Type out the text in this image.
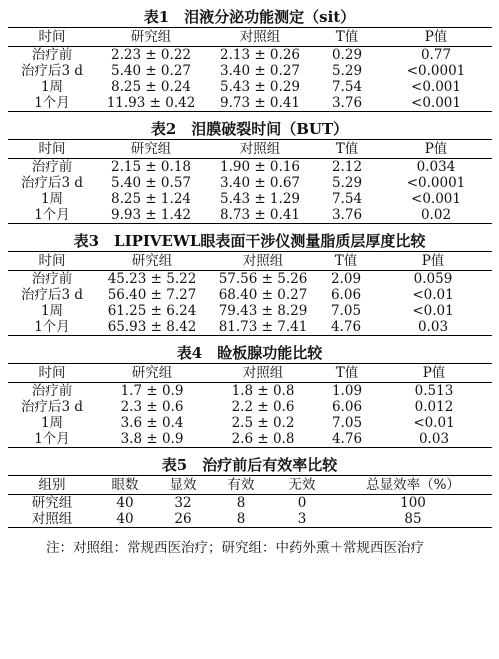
表1　泪液分泌功能测定（sit）
时间	研究组	对照组	T值	P值
治疗前	2.23 ± 0.22	2.13 ± 0.26	0.29	0.77
治疗后3 d	5.40 ± 0.27	3.40 ± 0.27	5.29	<0.0001
1周	8.25 ± 0.24	5.43 ± 0.29	7.54	<0.001
1个月	11.93 ± 0.42	9.73 ± 0.41	3.76	<0.001
表2　泪膜破裂时间（BUT）
时间	研究组	对照组	T值	P值
治疗前	2.15 ± 0.18	1.90 ± 0.16	2.12	0.034
治疗后3 d	5.40 ± 0.57	3.40 ± 0.67	5.29	<0.0001
1周	8.25 ± 1.24	5.43 ± 1.29	7.54	<0.001
1个月	9.93 ± 1.42	8.73 ± 0.41	3.76	0.02
表3　LIPIVEWL眼表面干涉仪测量脂质层厚度比较
时间	研究组	对照组	T值	P值
治疗前	45.23 ± 5.22	57.56 ± 5.26	2.09	0.059
治疗后3 d	56.40 ± 7.27	68.40 ± 0.27	6.06	<0.01
1周	61.25 ± 6.24	79.43 ± 8.29	7.05	<0.01
1个月	65.93 ± 8.42	81.73 ± 7.41	4.76	0.03
表4　睑板腺功能比较
时间	研究组	对照组	T值	P值
治疗前	1.7 ± 0.9	1.8 ± 0.8	1.09	0.513
治疗后3 d	2.3 ± 0.6	2.2 ± 0.6	6.06	0.012
1周	3.6 ± 0.4	2.5 ± 0.2	7.05	<0.01
1个月	3.8 ± 0.9	2.6 ± 0.8	4.76	0.03
表5　治疗前后有效率比较
组别	眼数	显效	有效	无效	总显效率（%）
研究组	40	32	8	0	100
对照组	40	26	8	3	85

注：对照组：常规西医治疗；研究组：中药外熏＋常规西医治疗
